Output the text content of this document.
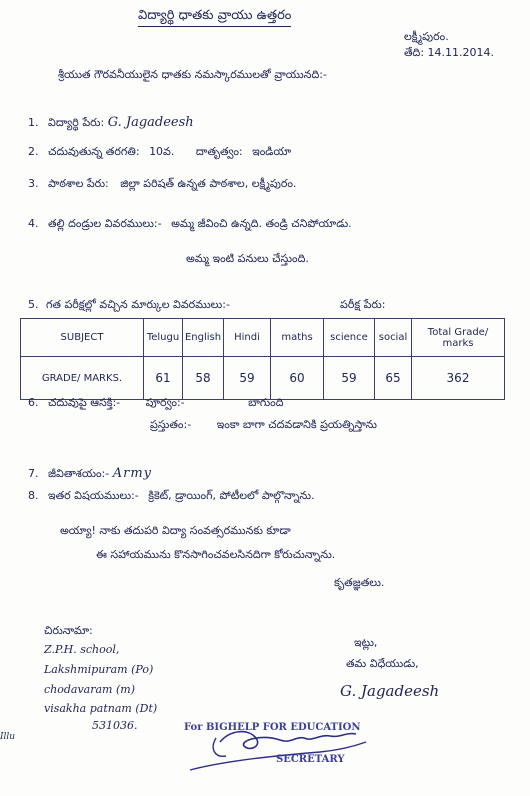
విద్యార్థి ధాతకు వ్రాయు ఉత్తరం
లక్ష్మీపురం.
తేది: 14.11.2014.
శ్రీయుత గౌరవనీయులైన ధాతకు నమస్కారములతో వ్రాయునది:-
1. విద్యార్థి పేరు: G. Jagadeesh
2. చదువుతున్న తరగతి: 10వ. దాతృత్వం: ఇండియా
3. పాఠశాల పేరు: జిల్లా పరిషత్ ఉన్నత పాఠశాల, లక్ష్మీపురం.
4. తల్లి దండ్రుల వివరములు:- అమ్మ జీవించి ఉన్నది. తండ్రి చనిపోయాడు.
అమ్మ ఇంటి పనులు చేస్తుంది.
5. గత పరీక్షల్లో వచ్చిన మార్కుల వివరములు:-	పరీక్ష పేరు:
SUBJECT	Telugu	English	Hindi	maths	science	social	Total Grade/ marks
GRADE/ MARKS.	61	58	59	60	59	65	362
6. చదువుపై ఆసక్తి:- పూర్వం:-	బాగుంది
ప్రస్తుతం:- ఇంకా బాగా చదవడానికి ప్రయత్నిస్తాను
7. జీవితాశయం:- Army
8. ఇతర విషయములు:- క్రికెట్, డ్రాయింగ్, పోటీలలో పాల్గొన్నాను.
అయ్యా! నాకు తదుపరి విద్యా సంవత్సరమునకు కూడా
ఈ సహాయమును కొనసాగించవలసినదిగా కోరుచున్నాను.
కృతజ్ఞతలు.
చిరునామా:
Z.P.H. school,
Lakshmipuram (Po)
chodavaram (m)
visakha patnam (Dt)
531036.
ఇట్లు,
తమ విధేయుడు,
G. Jagadeesh
For BIGHELP FOR EDUCATION
SECRETARY
Illu
